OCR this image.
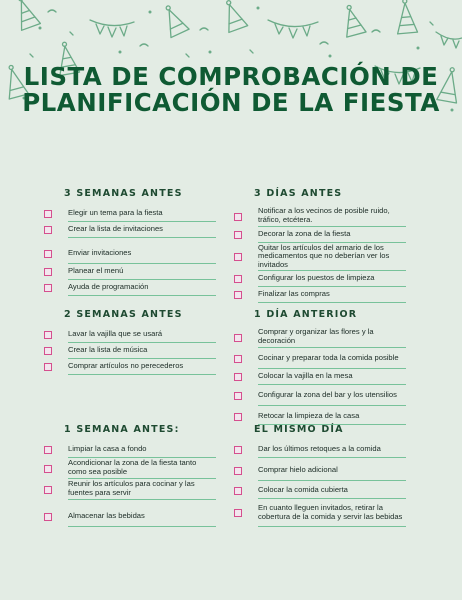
LISTA DE COMPROBACIÓN DE PLANIFICACIÓN DE LA FIESTA
3 SEMANAS ANTES
Elegir un tema para la fiesta
Crear la lista de invitaciones
Enviar invitaciones
Planear el menú
Ayuda de programación
3 DÍAS ANTES
Notificar a los vecinos de posible ruido, tráfico, etcétera.
Decorar la zona de la fiesta
Quitar los artículos del armario de los medicamentos que no deberían ver los invitados
Configurar los puestos de limpieza
Finalizar las compras
2 SEMANAS ANTES
Lavar la vajilla que se usará
Crear la lista de música
Comprar artículos no perecederos
1 DÍA ANTERIOR
Comprar y organizar las flores y la decoración
Cocinar y preparar toda la comida posible
Colocar la vajilla en la mesa
Configurar la zona del bar y los utensilios
Retocar la limpieza de la casa
1 SEMANA ANTES:
Limpiar la casa a fondo
Acondicionar la zona de la fiesta tanto como sea posible
Reunir los artículos para cocinar y las fuentes para servir
Almacenar las bebidas
EL MISMO DÍA
Dar los últimos retoques a la comida
Comprar hielo adicional
Colocar la comida cubierta
En cuanto lleguen invitados, retirar la cobertura de la comida y servir las bebidas
